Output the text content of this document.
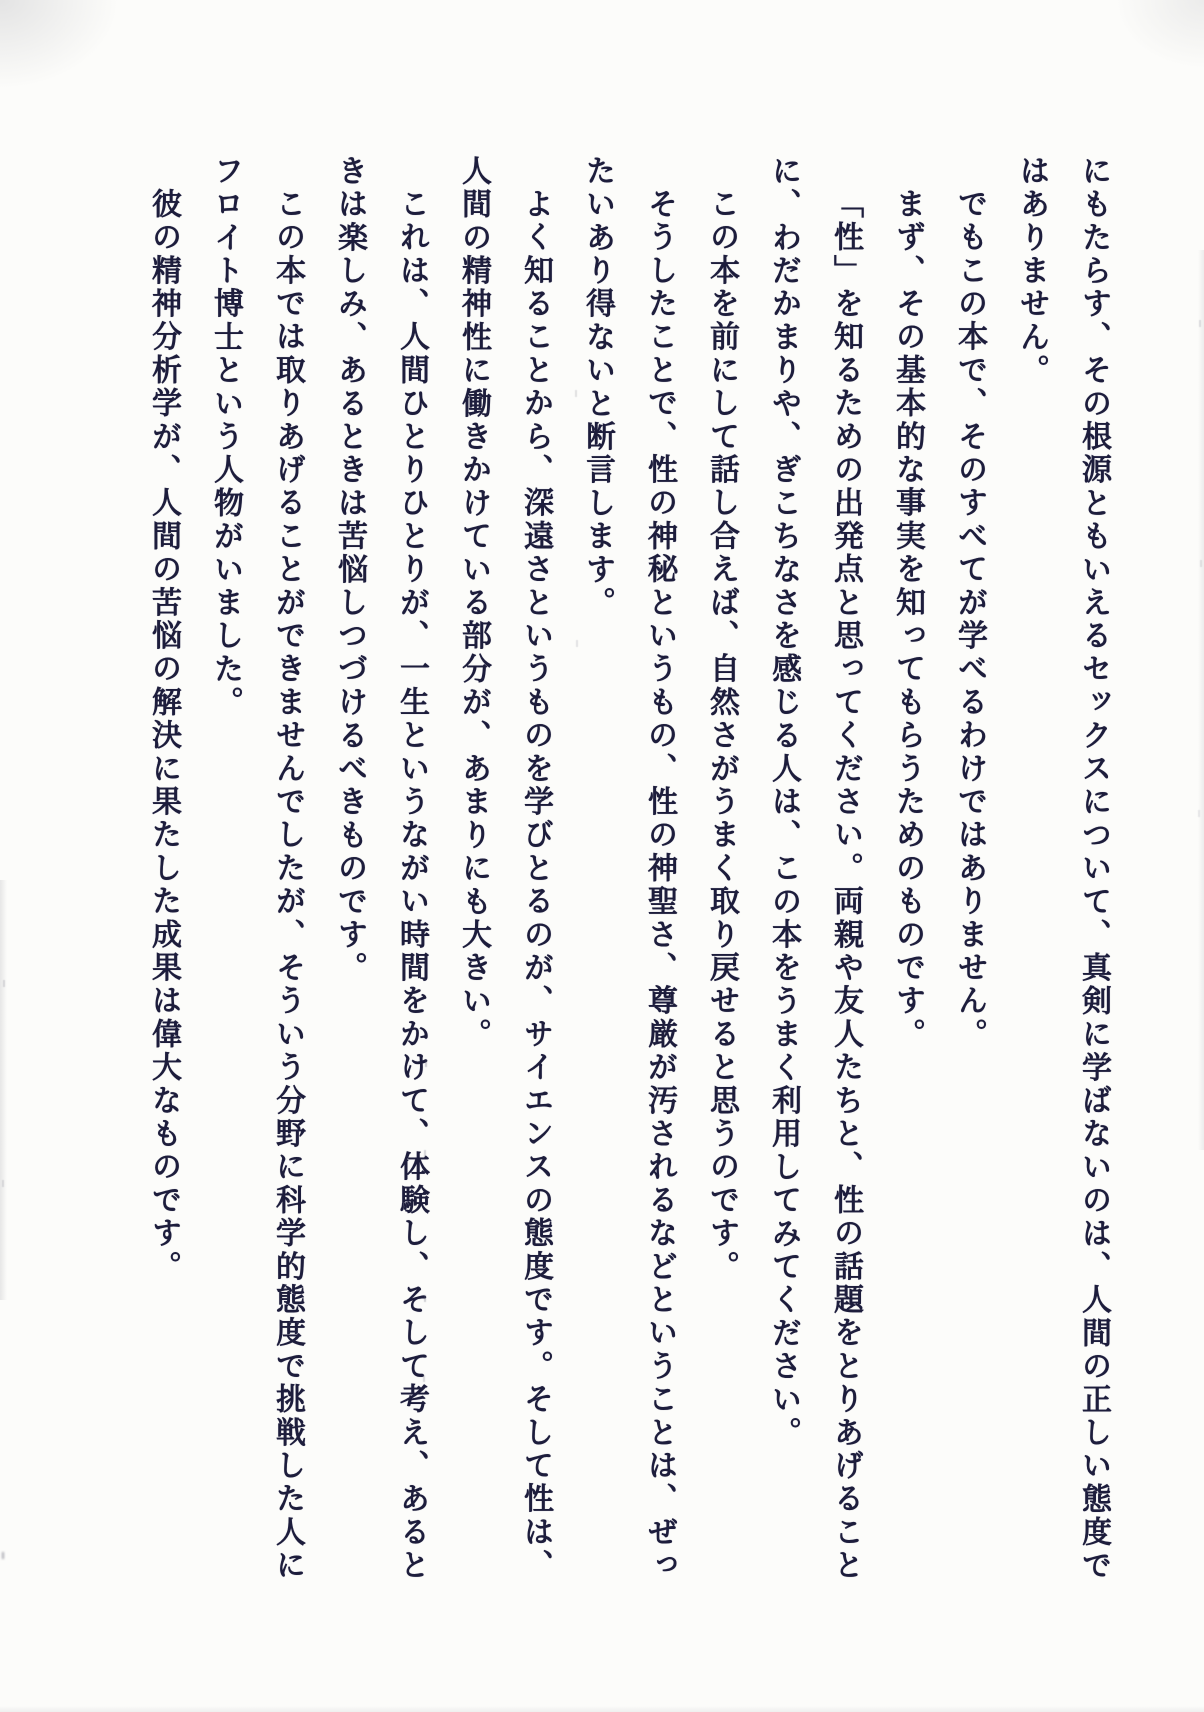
にもたらす、その根源ともいえるセックスについて、真剣に学ばないのは、人間の正しい態度で
はありません。
でもこの本で、そのすべてが学べるわけではありません。
まず、その基本的な事実を知ってもらうためのものです。
「性」を知るための出発点と思ってください。両親や友人たちと、性の話題をとりあげること
に、わだかまりや、ぎこちなさを感じる人は、この本をうまく利用してみてください。
この本を前にして話し合えば、自然さがうまく取り戻せると思うのです。
そうしたことで、性の神秘というもの、性の神聖さ、尊厳が汚されるなどということは、ぜっ
たいあり得ないと断言します。
よく知ることから、深遠さというものを学びとるのが、サイエンスの態度です。そして性は、
人間の精神性に働きかけている部分が、あまりにも大きい。
これは、人間ひとりひとりが、一生というながい時間をかけて、体験し、そして考え、あると
きは楽しみ、あるときは苦悩しつづけるべきものです。
この本では取りあげることができませんでしたが、そういう分野に科学的態度で挑戦した人に
フロイト博士という人物がいました。
彼の精神分析学が、人間の苦悩の解決に果たした成果は偉大なものです。
